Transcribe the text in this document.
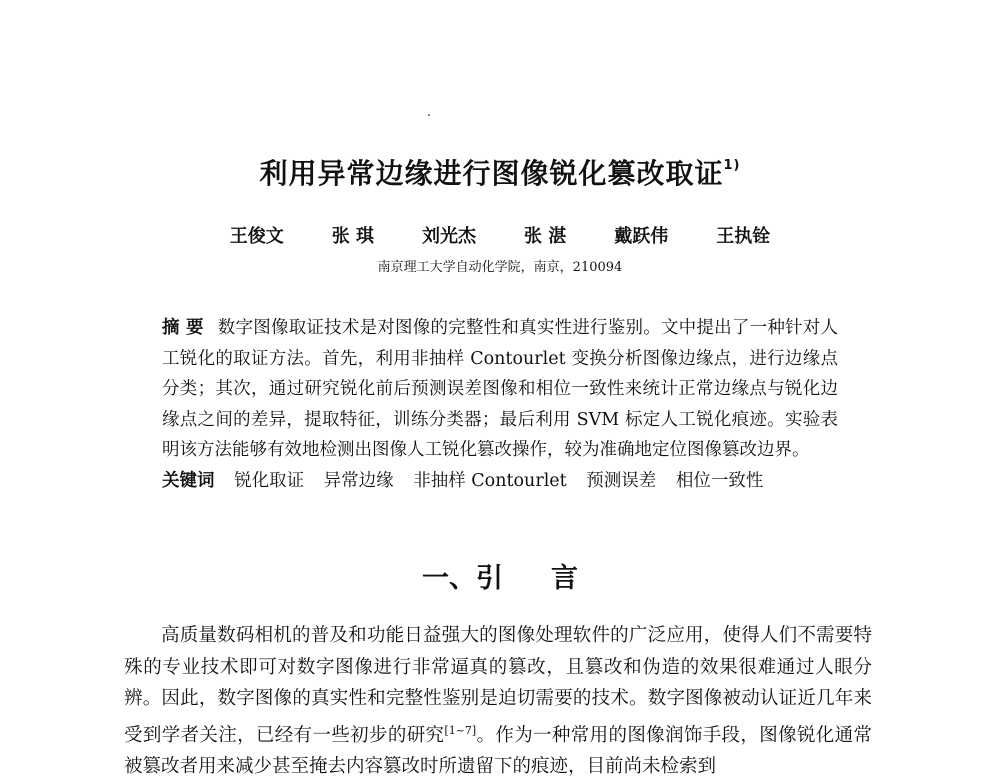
利用异常边缘进行图像锐化篡改取证$^{1)}$
王俊文	张 琪	刘光杰	张 湛	戴跃伟	王执铨
南京理工大学自动化学院，南京，210094
摘 要 数字图像取证技术是对图像的完整性和真实性进行鉴别。文中提出了一种针对人工锐化的取证方法。首先，利用非抽样 Contourlet 变换分析图像边缘点，进行边缘点分类；其次，通过研究锐化前后预测误差图像和相位一致性来统计正常边缘点与锐化边缘点之间的差异，提取特征，训练分类器；最后利用 SVM 标定人工锐化痕迹。实验表明该方法能够有效地检测出图像人工锐化篡改操作，较为准确地定位图像篡改边界。
关键词 锐化取证 异常边缘 非抽样 Contourlet 预测误差 相位一致性
一、引 言

高质量数码相机的普及和功能日益强大的图像处理软件的广泛应用，使得人们不需要特殊的专业技术即可对数字图像进行非常逼真的篡改，且篡改和伪造的效果很难通过人眼分辨。因此，数字图像的真实性和完整性鉴别是迫切需要的技术。数字图像被动认证近几年来受到学者关注，已经有一些初步的研究[1~7]。作为一种常用的图像润饰手段，图像锐化通常被篡改者用来减少甚至掩去内容篡改时所遗留下的痕迹，目前尚未检索到
